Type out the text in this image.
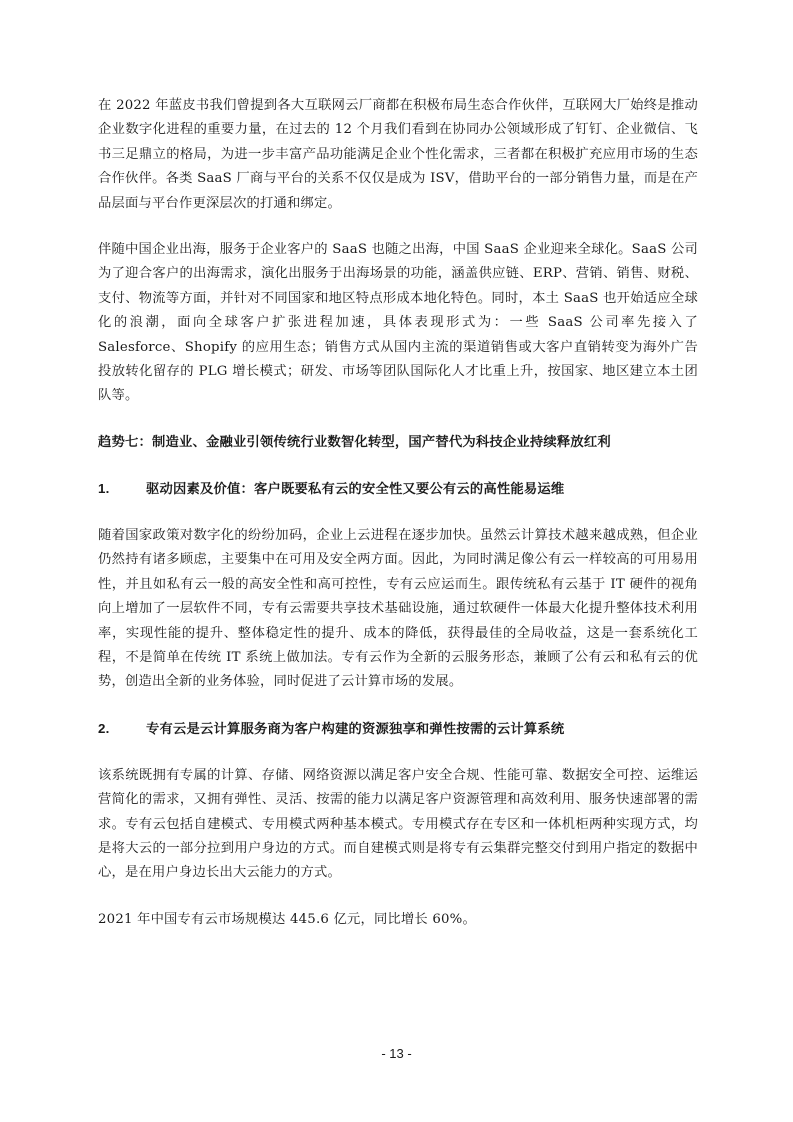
在 2022 年蓝皮书我们曾提到各大互联网云厂商都在积极布局生态合作伙伴，互联网大厂始终是推动企业数字化进程的重要力量，在过去的 12 个月我们看到在协同办公领域形成了钉钉、企业微信、飞书三足鼎立的格局，为进一步丰富产品功能满足企业个性化需求，三者都在积极扩充应用市场的生态合作伙伴。各类 SaaS 厂商与平台的关系不仅仅是成为 ISV，借助平台的一部分销售力量，而是在产品层面与平台作更深层次的打通和绑定。

伴随中国企业出海，服务于企业客户的 SaaS 也随之出海，中国 SaaS 企业迎来全球化。SaaS 公司为了迎合客户的出海需求，演化出服务于出海场景的功能，涵盖供应链、ERP、营销、销售、财税、支付、物流等方面，并针对不同国家和地区特点形成本地化特色。同时，本土 SaaS 也开始适应全球化的浪潮，面向全球客户扩张进程加速，具体表现形式为：一些 SaaS 公司率先接入了 Salesforce、Shopify 的应用生态；销售方式从国内主流的渠道销售或大客户直销转变为海外广告投放转化留存的 PLG 增长模式；研发、市场等团队国际化人才比重上升，按国家、地区建立本土团队等。

趋势七：制造业、金融业引领传统行业数智化转型，国产替代为科技企业持续释放红利
1.	驱动因素及价值：客户既要私有云的安全性又要公有云的高性能易运维

随着国家政策对数字化的纷纷加码，企业上云进程在逐步加快。虽然云计算技术越来越成熟，但企业仍然持有诸多顾虑，主要集中在可用及安全两方面。因此，为同时满足像公有云一样较高的可用易用性，并且如私有云一般的高安全性和高可控性，专有云应运而生。跟传统私有云基于 IT 硬件的视角向上增加了一层软件不同，专有云需要共享技术基础设施，通过软硬件一体最大化提升整体技术利用率，实现性能的提升、整体稳定性的提升、成本的降低，获得最佳的全局收益，这是一套系统化工程，不是简单在传统 IT 系统上做加法。专有云作为全新的云服务形态，兼顾了公有云和私有云的优势，创造出全新的业务体验，同时促进了云计算市场的发展。

2.	专有云是云计算服务商为客户构建的资源独享和弹性按需的云计算系统

该系统既拥有专属的计算、存储、网络资源以满足客户安全合规、性能可靠、数据安全可控、运维运营简化的需求，又拥有弹性、灵活、按需的能力以满足客户资源管理和高效利用、服务快速部署的需求。专有云包括自建模式、专用模式两种基本模式。专用模式存在专区和一体机柜两种实现方式，均是将大云的一部分拉到用户身边的方式。而自建模式则是将专有云集群完整交付到用户指定的数据中心，是在用户身边长出大云能力的方式。

2021 年中国专有云市场规模达 445.6 亿元，同比增长 60%。

- 13 -
